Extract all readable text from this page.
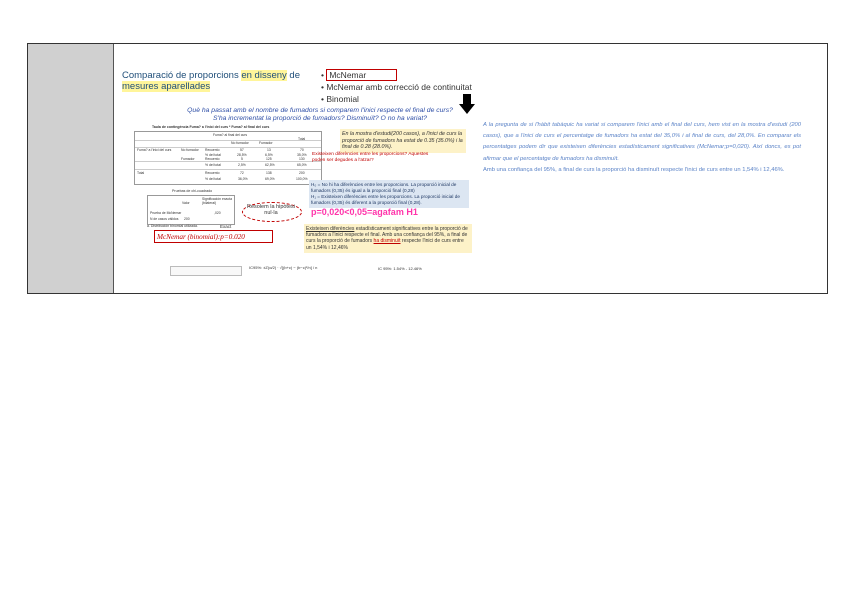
Comparació de proporcions en disseny de mesures aparellades
• McNemar
• McNemar amb correcció de continuitat
• Binomial
Què ha passat amb el nombre de fumadors si comparem l'inici respecte el final de curs?
S'ha incrementat la proporció de fumadors? Disminuït? O no ha variat?
Taula de contingència Fuma? a l'inici del curs * Fuma? al final del curs
Fuma? al final del curs
Total
No fumador	Fumador
Fuma? a l'inici del curs	No fumador Recuento	57	13	70
% del total	28,5%	6,5%	35,0%
Fumador	Recuento	5	125	130
% del total	2,5%	62,5%	65,0%
Total	Recuento	72	138	200
% del total	36,0%	69,0%	100,0%
En la mostra d'estudi(200 casos), a l'inici de curs la proporció de fumadors ha estat de 0.35 (35.0%) i la final de 0.28 (28.0%).
Existeixen diferències entre les proporcions? Aquestes poden ser degudes a l'atzar?
H₀ = No hi ha diferències entre les proporcions. La proporció inicial de fumadors (0,35) és igual a la proporció final (0,28)
H₁ = Existeixen diferències entre les proporcions. La proporció inicial de fumadors (0,35) és diferent a la proporció final (0,28).
Pruebas de chi-cuadrado
Significación exacta (bilateral)
Valor
Prueba de McNemar	,020
N de casos válidos 200
a. Distribución binomial utilizada.
Resolem la hipòtesi nul·la	p=0,020<0,05=agafam H1
Exact
McNemar (binomial):p=0.020
Existeixen diferències estadísticament significatives entre la proporció de fumadors a l'inici respecte el final. Amb una confiança del 95%, a final de curs la proporció de fumadors ha disminuït respecte l'inici de curs entre un 1,54% i 12,46%
IC95%: ±Z(α/2) · √[(b+c) − (b−c)²/n] / n	IC 95%: 1.54% - 12.46%

A la pregunta de si l'hàbit tabàquic ha variat si comparem l'inici amb el final del curs, hem vist en la mostra d'estudi (200 casos), que a l'inici de curs el percentatge de fumadors ha estat del 35,0% i al final de curs, del 28,0%. En comparar els percentatges podem dir que existeixen diferències estadísticament significatives (McNemar;p=0,020). Així doncs, es pot afirmar que el percentatge de fumadors ha disminuït.

Amb una confiança del 95%, a final de curs la proporció ha disminuït respecte l'inici de curs entre un 1,54% i 12,46%.
